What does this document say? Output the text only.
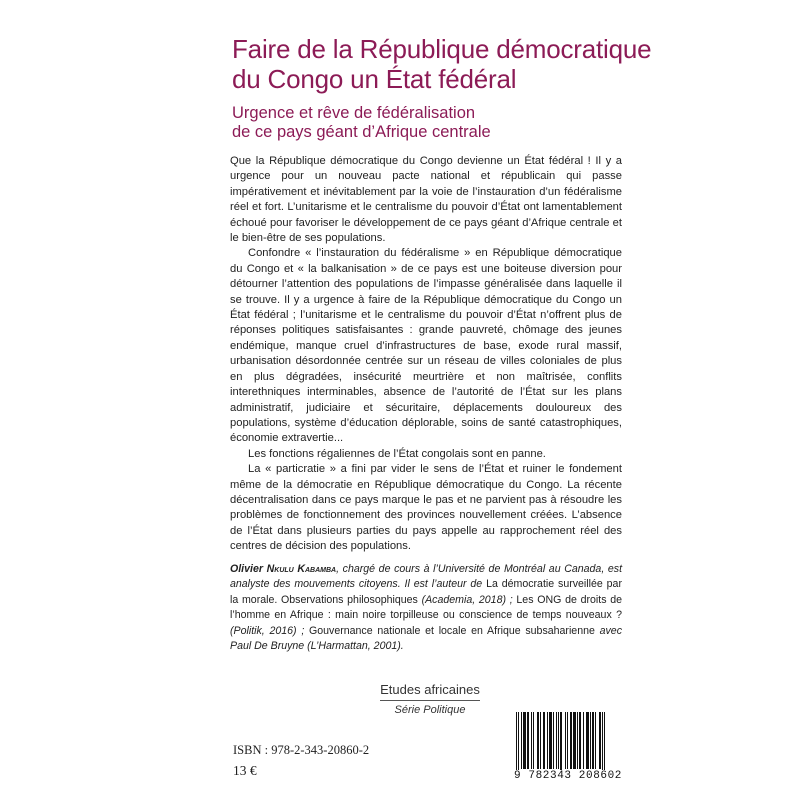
Faire de la République démocratique
du Congo un État fédéral
Urgence et rêve de fédéralisation
de ce pays géant d’Afrique centrale

Que la République démocratique du Congo devienne un État fédéral ! Il y a urgence pour un nouveau pacte national et républicain qui passe impérativement et inévitablement par la voie de l’instauration d’un fédéralisme réel et fort. L’unitarisme et le centralisme du pouvoir d’État ont lamentablement échoué pour favoriser le développement de ce pays géant d’Afrique centrale et le bien-être de ses populations.

Confondre « l’instauration du fédéralisme » en République démocratique du Congo et « la balkanisation » de ce pays est une boiteuse diversion pour détourner l’attention des populations de l’impasse généralisée dans laquelle il se trouve. Il y a urgence à faire de la République démocratique du Congo un État fédéral ; l’unitarisme et le centralisme du pouvoir d’État n’offrent plus de réponses politiques satisfaisantes : grande pauvreté, chômage des jeunes endémique, manque cruel d’infrastructures de base, exode rural massif, urbanisation désordonnée centrée sur un réseau de villes coloniales de plus en plus dégradées, insécurité meurtrière et non maîtrisée, conflits interethniques interminables, absence de l’autorité de l’État sur les plans administratif, judiciaire et sécuritaire, déplacements douloureux des populations, système d’éducation déplorable, soins de santé catastrophiques, économie extravertie...

Les fonctions régaliennes de l’État congolais sont en panne.

La « particratie » a fini par vider le sens de l’État et ruiner le fondement même de la démocratie en République démocratique du Congo. La récente décentralisation dans ce pays marque le pas et ne parvient pas à résoudre les problèmes de fonctionnement des provinces nouvellement créées. L’absence de l’État dans plusieurs parties du pays appelle au rapprochement réel des centres de décision des populations.

Olivier Nkulu Kabamba, chargé de cours à l’Université de Montréal au Canada, est analyste des mouvements citoyens. Il est l’auteur de La démocratie surveillée par la morale. Observations philosophiques (Academia, 2018) ; Les ONG de droits de l’homme en Afrique : main noire torpilleuse ou conscience de temps nouveaux ? (Politik, 2016) ; Gouvernance nationale et locale en Afrique subsaharienne avec Paul De Bruyne (L’Harmattan, 2001).
Etudes africaines
Série Politique
ISBN : 978-2-343-20860-2
13 €	9 782343 208602
